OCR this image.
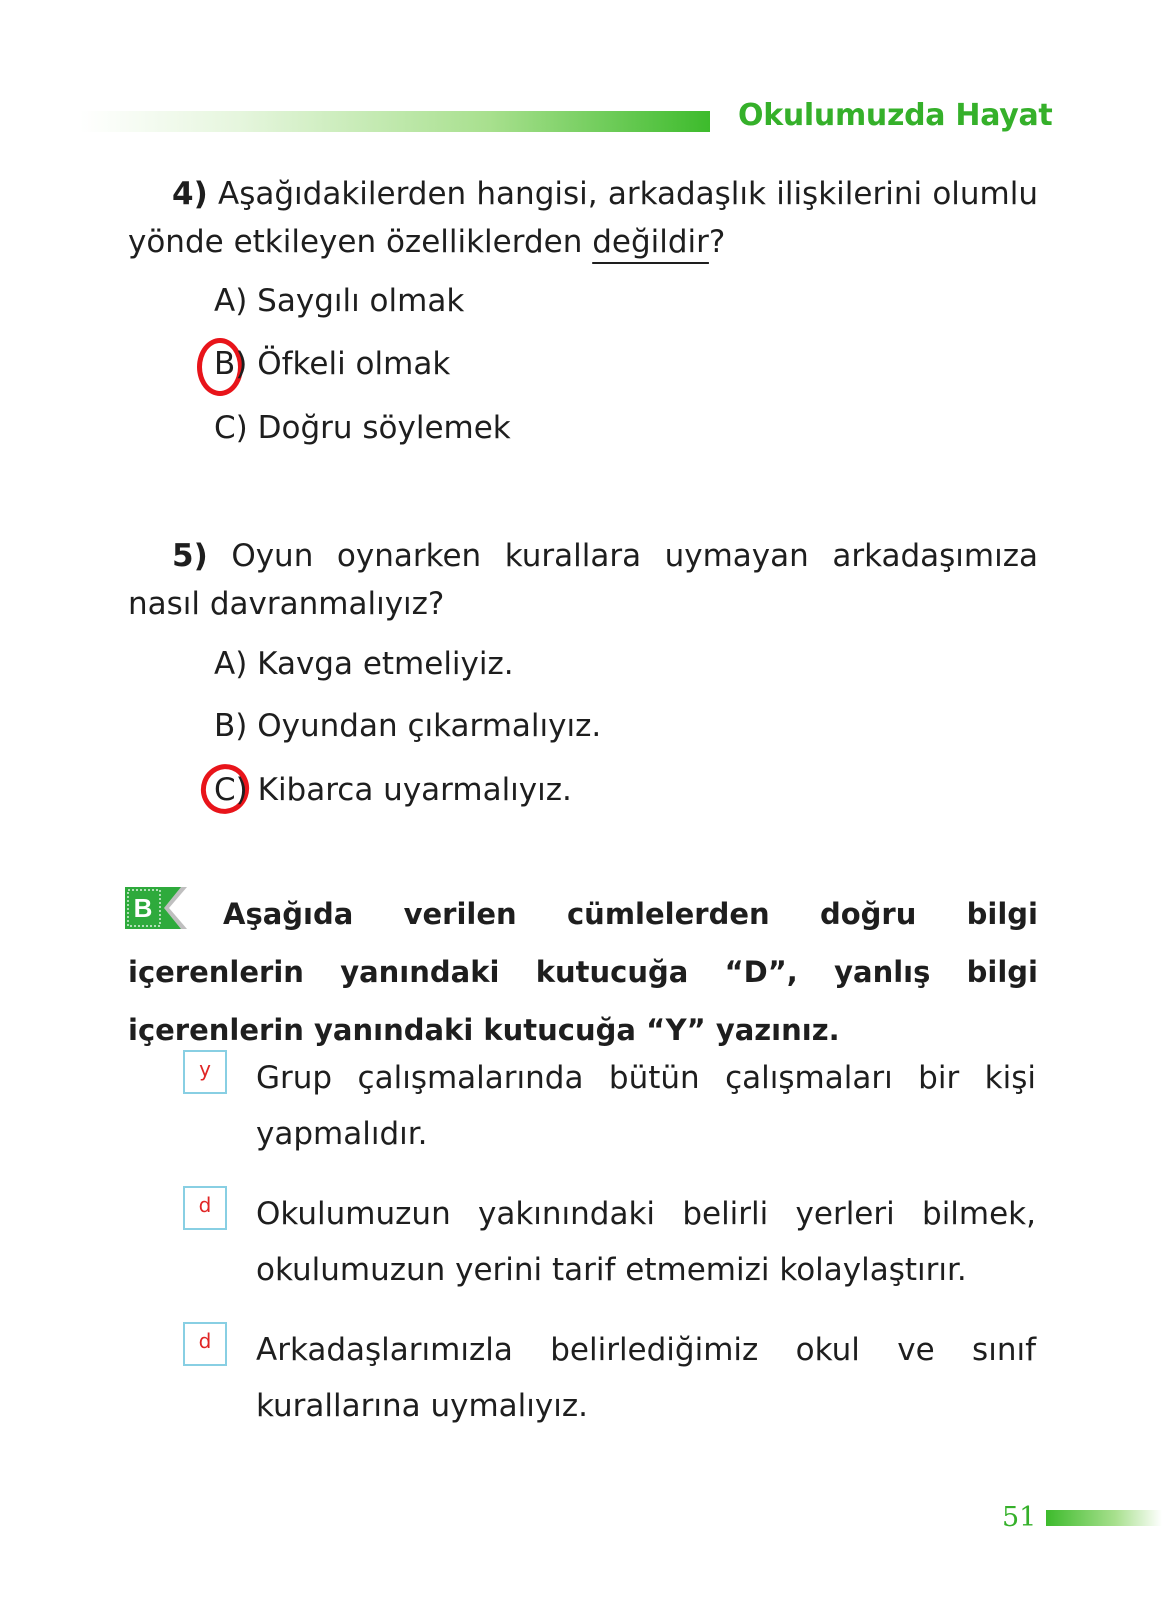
Okulumuzda Hayat
4) Aşağıdakilerden hangisi, arkadaşlık ilişkilerini olumlu yönde etkileyen özelliklerden değildir?
A) Saygılı olmak
B) Öfkeli olmak
C) Doğru söylemek
5) Oyun oynarken kurallara uymayan arkadaşımıza nasıl davranmalıyız?
A) Kavga etmeliyiz.
B) Oyundan çıkarmalıyız.
C) Kibarca uyarmalıyız.
B	Aşağıda verilen cümlelerden doğru bilgi içerenlerin yanındaki kutucuğa “D”, yanlış bilgi içerenlerin yanındaki kutucuğa “Y” yazınız.
y	Grup çalışmalarında bütün çalışmaları bir kişi yapmalıdır.
d	Okulumuzun yakınındaki belirli yerleri bilmek, okulumuzun yerini tarif etmemizi kolaylaştırır.
d	Arkadaşlarımızla belirlediğimiz okul ve sınıf kurallarına uymalıyız.
51
